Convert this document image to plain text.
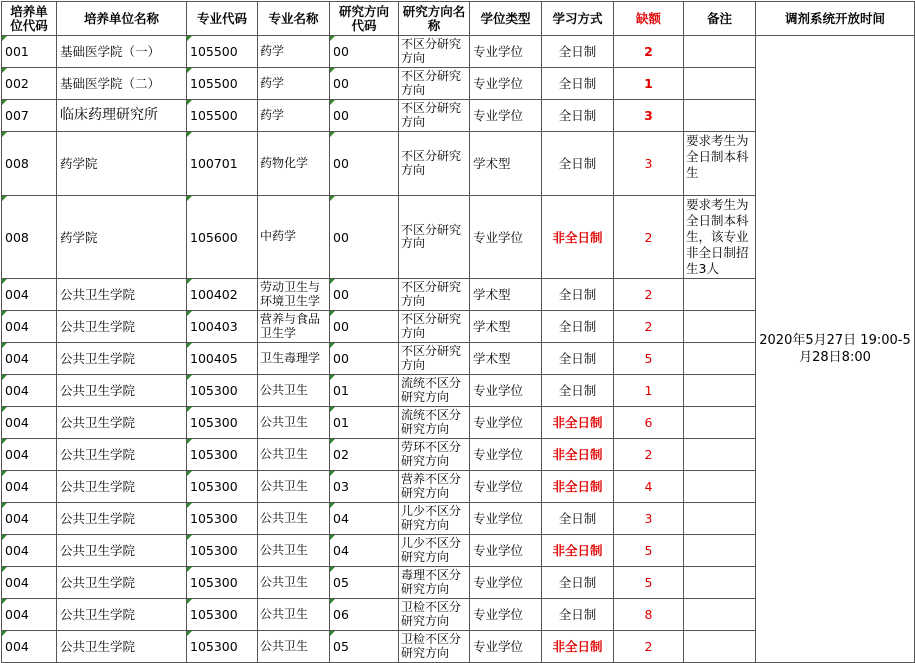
培养单位代码	培养单位名称	专业代码	专业名称	研究方向代码	研究方向名称	学位类型	学习方式	缺额	备注	调剂系统开放时间
001	基础医学院（一）	105500	药学	00	不区分研究方向	专业学位	全日制	2		2020年5月27日 19:00-5月28日8:00
002	基础医学院（二）	105500	药学	00	不区分研究方向	专业学位	全日制	1		
007	临床药理研究所	105500	药学	00	不区分研究方向	专业学位	全日制	3		
008	药学院	100701	药物化学	00	不区分研究方向	学术型	全日制	3	要求考生为全日制本科生	
008	药学院	105600	中药学	00	不区分研究方向	专业学位	非全日制	2	要求考生为全日制本科生，该专业非全日制招生3人	
004	公共卫生学院	100402	劳动卫生与环境卫生学	00	不区分研究方向	学术型	全日制	2		
004	公共卫生学院	100403	营养与食品卫生学	00	不区分研究方向	学术型	全日制	2		
004	公共卫生学院	100405	卫生毒理学	00	不区分研究方向	学术型	全日制	5		
004	公共卫生学院	105300	公共卫生	01	流统不区分研究方向	专业学位	全日制	1		
004	公共卫生学院	105300	公共卫生	01	流统不区分研究方向	专业学位	非全日制	6		
004	公共卫生学院	105300	公共卫生	02	劳环不区分研究方向	专业学位	非全日制	2		
004	公共卫生学院	105300	公共卫生	03	营养不区分研究方向	专业学位	非全日制	4		
004	公共卫生学院	105300	公共卫生	04	儿少不区分研究方向	专业学位	全日制	3		
004	公共卫生学院	105300	公共卫生	04	儿少不区分研究方向	专业学位	非全日制	5		
004	公共卫生学院	105300	公共卫生	05	毒理不区分研究方向	专业学位	全日制	5		
004	公共卫生学院	105300	公共卫生	06	卫检不区分研究方向	专业学位	全日制	8		
004	公共卫生学院	105300	公共卫生	05	卫检不区分研究方向	专业学位	非全日制	2		
